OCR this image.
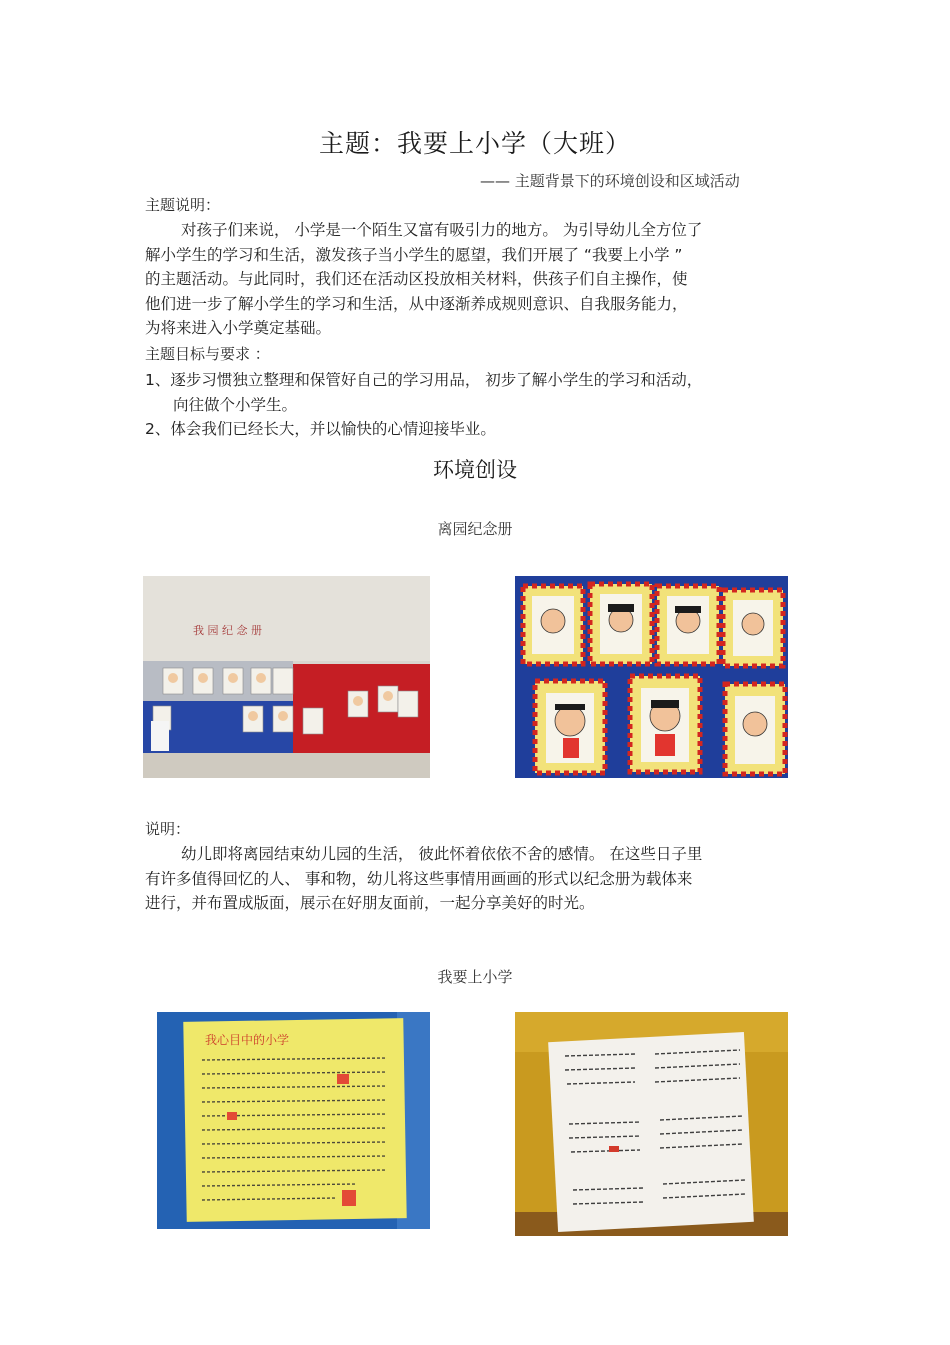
主题：我要上小学（大班）
—— 主题背景下的环境创设和区域活动
主题说明：

对孩子们来说， 小学是一个陌生又富有吸引力的地方。 为引导幼儿全方位了

解小学生的学习和生活，激发孩子当小学生的愿望，我们开展了 “我要上小学 ”

的主题活动。与此同时，我们还在活动区投放相关材料，供孩子们自主操作，使

他们进一步了解小学生的学习和生活，从中逐渐养成规则意识、自我服务能力，

为将来进入小学奠定基础。

主题目标与要求 ：
1、逐步习惯独立整理和保管好自己的学习用品， 初步了解小学生的学习和活动，
向往做个小学生。
2、体会我们已经长大，并以愉快的心情迎接毕业。
环境创设
离园纪念册
我 园 纪 念 册
说明：

幼儿即将离园结束幼儿园的生活， 彼此怀着依依不舍的感情。 在这些日子里

有许多值得回忆的人、 事和物，幼儿将这些事情用画画的形式以纪念册为载体来

进行，并布置成版面，展示在好朋友面前，一起分享美好的时光。

我要上小学
我心目中的小学
